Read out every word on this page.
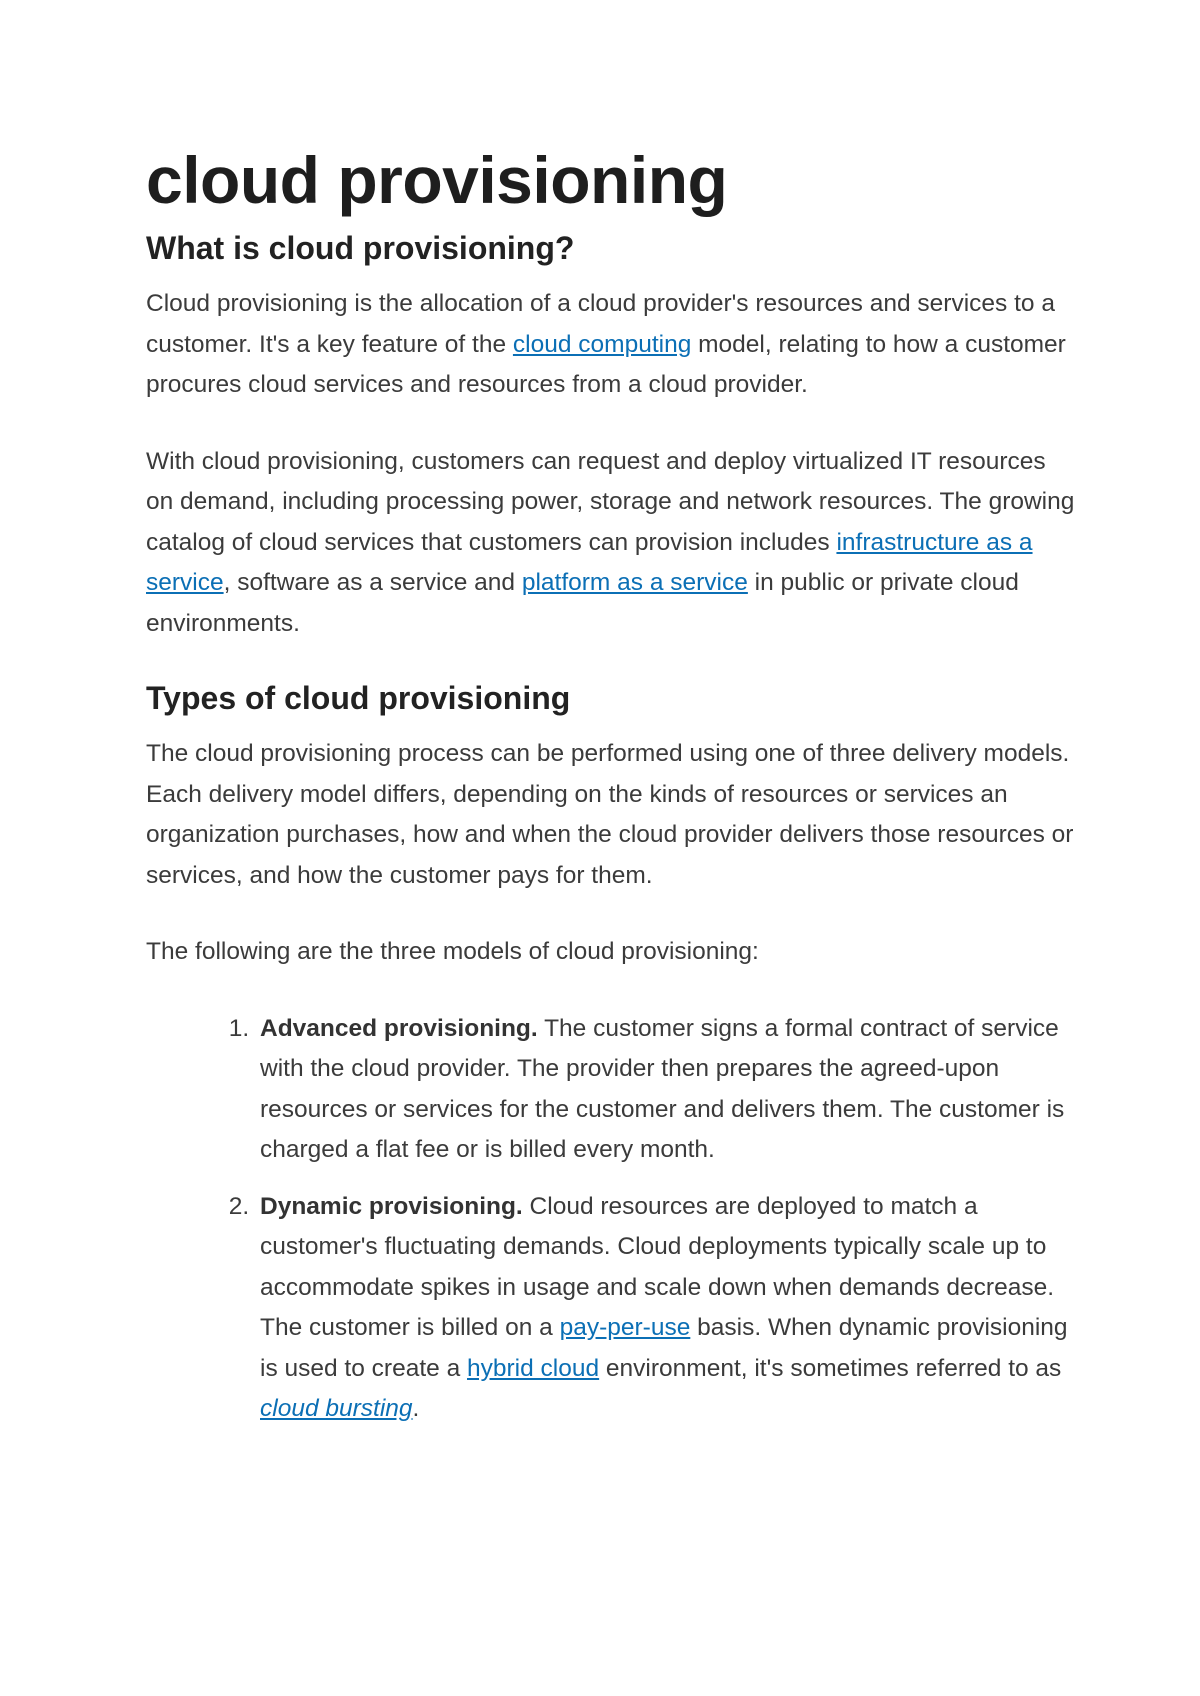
cloud provisioning
What is cloud provisioning?

Cloud provisioning is the allocation of a cloud provider's resources and services to a customer. It's a key feature of the cloud computing model, relating to how a customer procures cloud services and resources from a cloud provider.

With cloud provisioning, customers can request and deploy virtualized IT resources on demand, including processing power, storage and network resources. The growing catalog of cloud services that customers can provision includes infrastructure as a service, software as a service and platform as a service in public or private cloud environments.

Types of cloud provisioning

The cloud provisioning process can be performed using one of three delivery models. Each delivery model differs, depending on the kinds of resources or services an organization purchases, how and when the cloud provider delivers those resources or services, and how the customer pays for them.

The following are the three models of cloud provisioning:

1. Advanced provisioning. The customer signs a formal contract of service with the cloud provider. The provider then prepares the agreed-upon resources or services for the customer and delivers them. The customer is charged a flat fee or is billed every month.
2. Dynamic provisioning. Cloud resources are deployed to match a customer's fluctuating demands. Cloud deployments typically scale up to accommodate spikes in usage and scale down when demands decrease. The customer is billed on a pay-per-use basis. When dynamic provisioning is used to create a hybrid cloud environment, it's sometimes referred to as cloud bursting.
